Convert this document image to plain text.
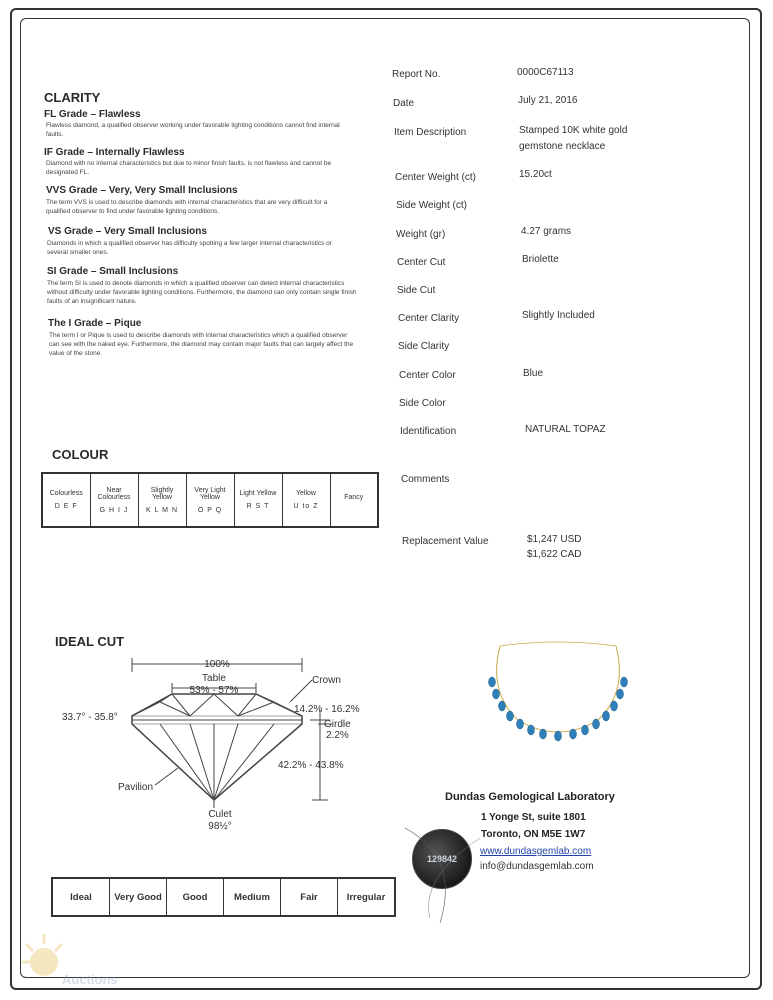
CLARITY
FL Grade – Flawless
Flawless diamond, a qualified observer working under favorable lighting conditions cannot find internal faults.
IF Grade – Internally Flawless
Diamond with no internal characteristics but due to minor finish faults, is not flawless and cannot be designated FL.
VVS Grade – Very, Very Small Inclusions
The term VVS is used to describe diamonds with internal characteristics that are very difficult for a qualified observer to find under favorable lighting conditions.
VS Grade – Very Small Inclusions
Diamonds in which a qualified observer has difficulty spotting a few larger internal characteristics or several smaller ones.
SI Grade – Small Inclusions
The term SI is used to denote diamonds in which a qualified observer can detect internal characteristics without difficulty under favorable lighting conditions. Furthermore, the diamond can only contain single finish faults of an insignificant nature.
The I Grade – Pique
The term I or Pique is used to describe diamonds with internal characteristics which a qualified observer can see with the naked eye. Furthermore, the diamond may contain major faults that can largely affect the value of the stone.
COLOUR
Colourless
D E F

Near Colourless
G H I J

Slightly Yellow
K L M N

Very Light Yellow
O P Q

Light Yellow
R S T

Yellow
U to Z

Fancy
IDEAL CUT
100%
Table
53% - 57%
Crown
14.2% - 16.2%
Girdle
2.2%
33.7° - 35.8°
42.2% - 43.8%
Pavilion
Culet
98½°
Ideal	Very Good	Good	Medium	Fair	Irregular
Report No.	0000C67113
Date	July 21, 2016
Item Description	Stamped 10K white gold gemstone necklace
Center Weight (ct)	15.20ct
Side Weight (ct)
Weight (gr)	4.27 grams
Center Cut	Briolette
Side Cut
Center Clarity	Slightly Included
Side Clarity
Center Color	Blue
Side Color
Identification	NATURAL TOPAZ
Comments
Replacement Value	$1,247 USD
$1,622 CAD
Dundas Gemological Laboratory
1 Yonge St, suite 1801
Toronto, ON M5E 1W7
www.dundasgemlab.com
info@dundasgemlab.com
129842
Auctions
